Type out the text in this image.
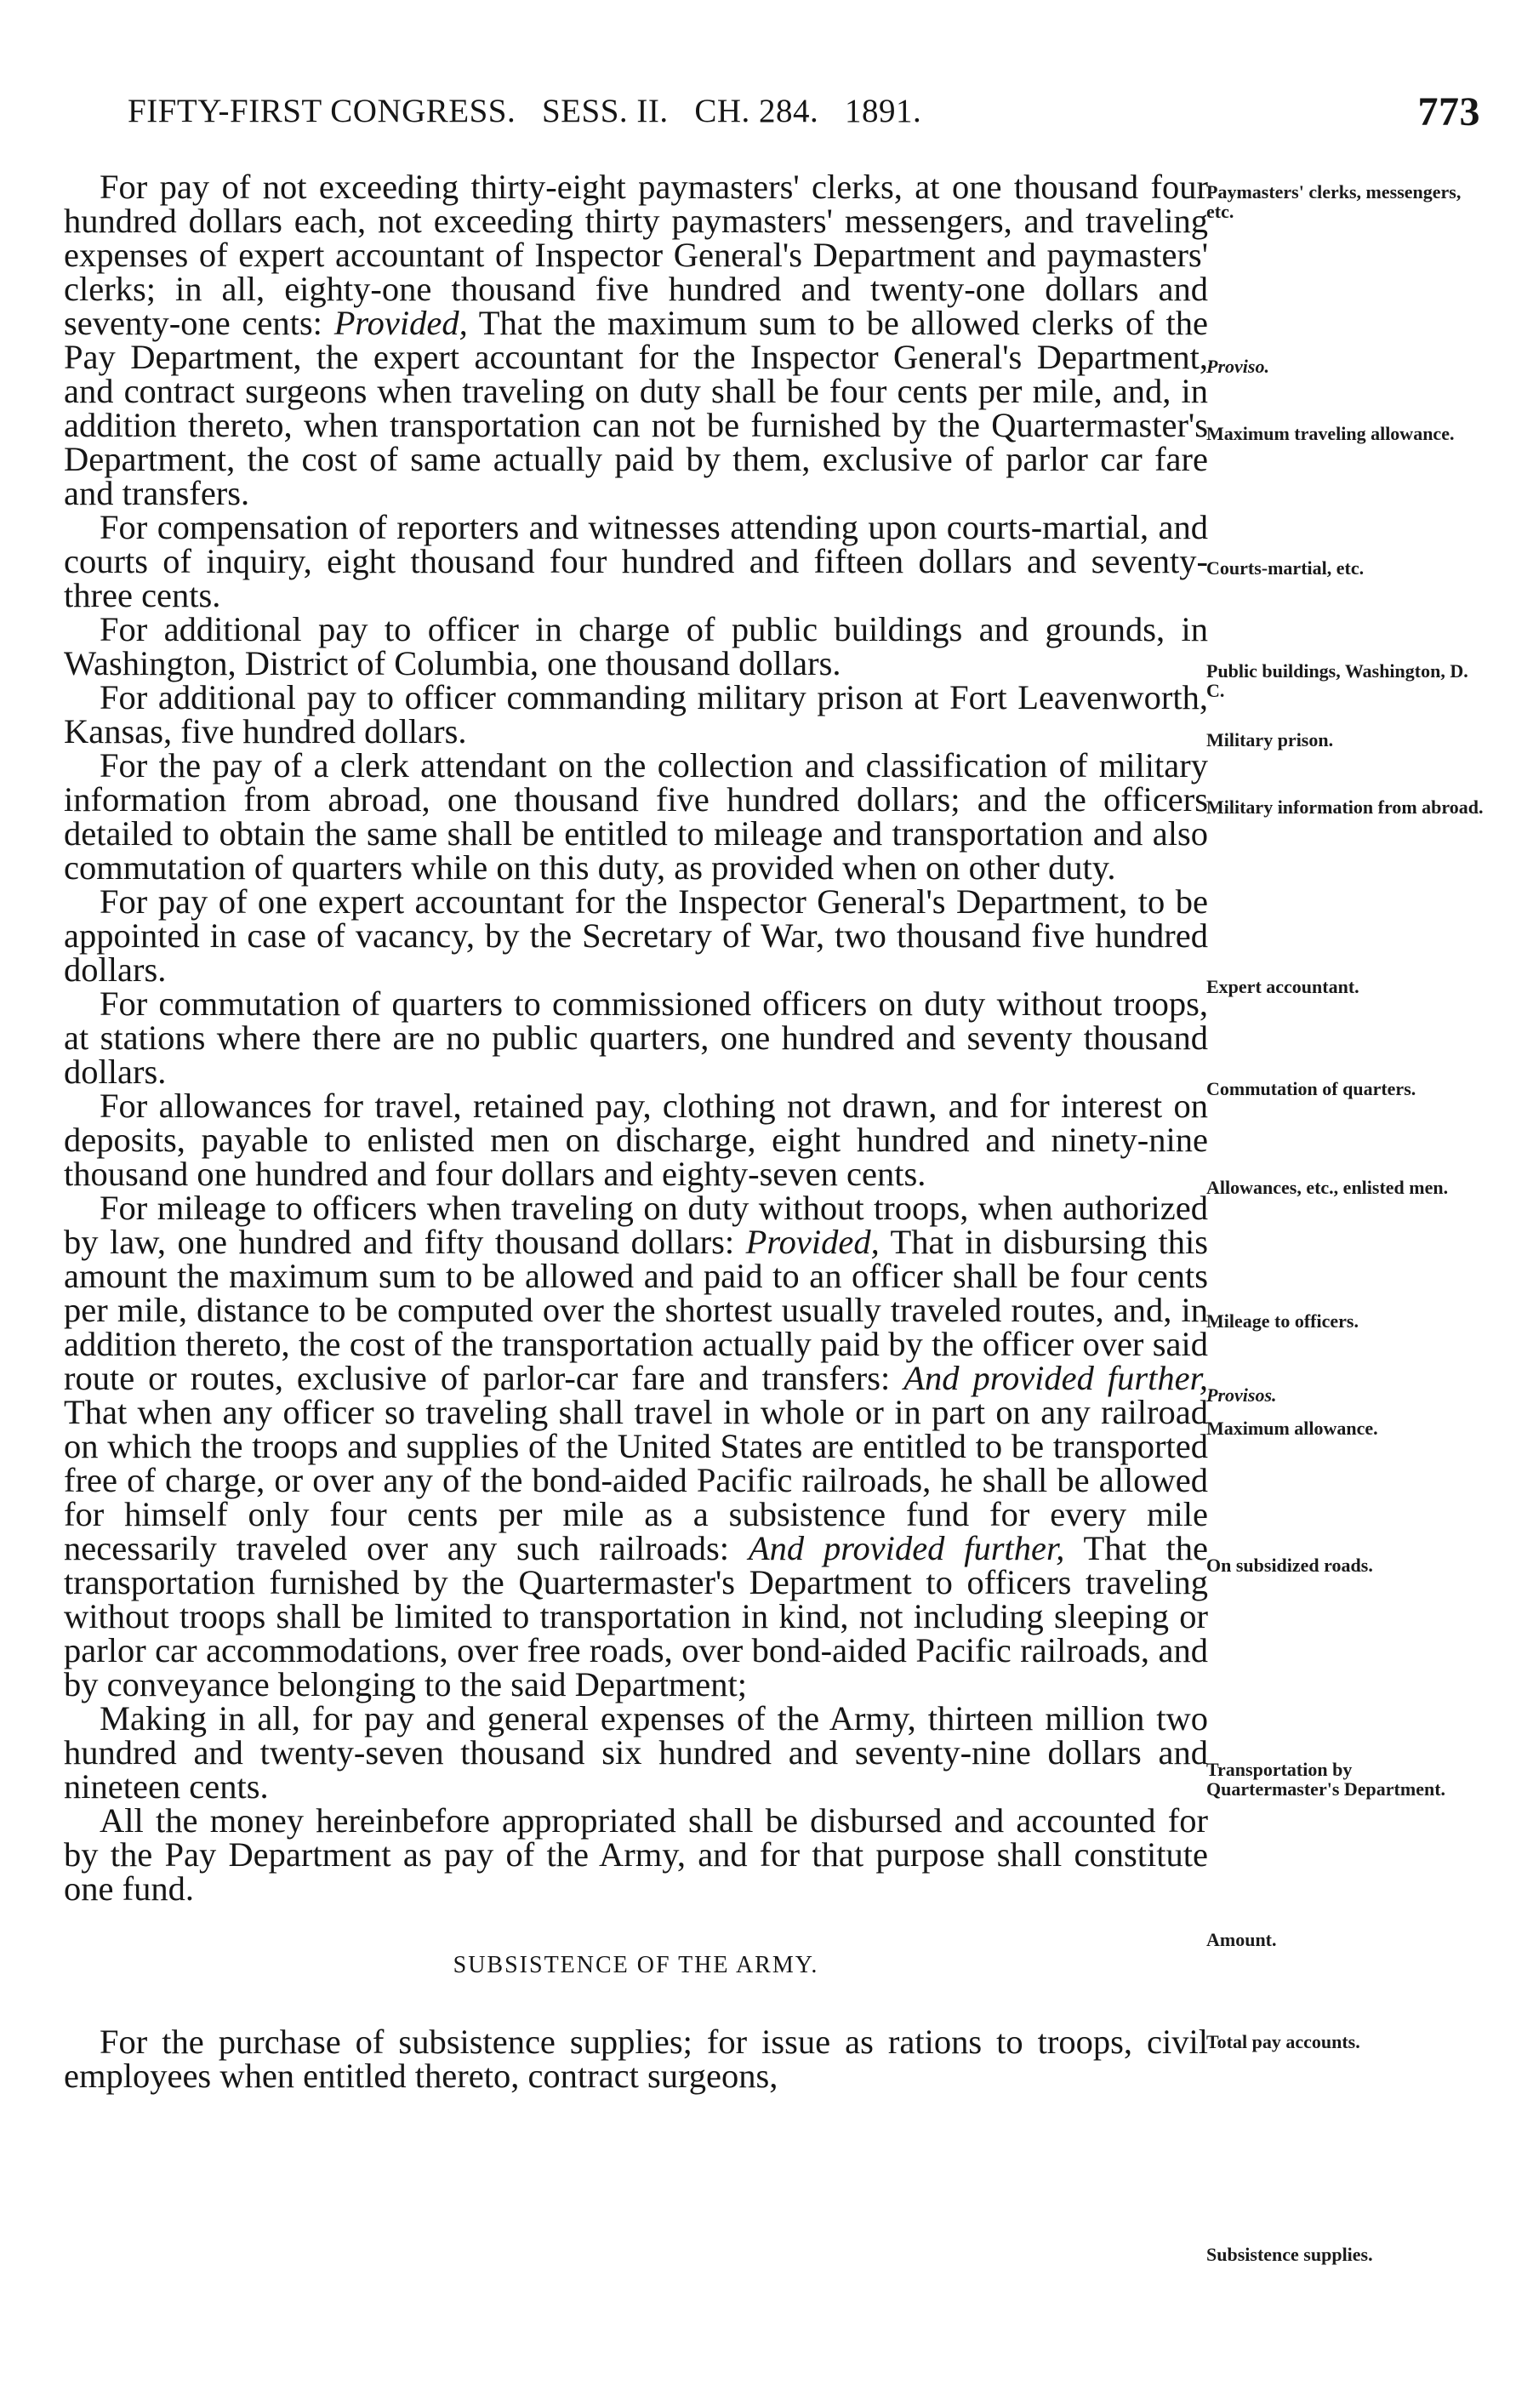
FIFTY-FIRST CONGRESS.   SESS. II.   CH. 284.   1891.	773

For pay of not exceeding thirty-eight paymasters' clerks, at one thousand four hundred dollars each, not exceeding thirty paymasters' messengers, and traveling expenses of expert accountant of Inspector General's Department and paymasters' clerks; in all, eighty-one thousand five hundred and twenty-one dollars and seventy-one cents: Provided, That the maximum sum to be allowed clerks of the Pay Department, the expert accountant for the Inspector General's Department, and contract surgeons when traveling on duty shall be four cents per mile, and, in addition thereto, when transportation can not be furnished by the Quartermaster's Department, the cost of same actually paid by them, exclusive of parlor car fare and transfers.

For compensation of reporters and witnesses attending upon courts-martial, and courts of inquiry, eight thousand four hundred and fifteen dollars and seventy-three cents.

For additional pay to officer in charge of public buildings and grounds, in Washington, District of Columbia, one thousand dollars.

For additional pay to officer commanding military prison at Fort Leavenworth, Kansas, five hundred dollars.

For the pay of a clerk attendant on the collection and classification of military information from abroad, one thousand five hundred dollars; and the officers detailed to obtain the same shall be entitled to mileage and transportation and also commutation of quarters while on this duty, as provided when on other duty.

For pay of one expert accountant for the Inspector General's Department, to be appointed in case of vacancy, by the Secretary of War, two thousand five hundred dollars.

For commutation of quarters to commissioned officers on duty without troops, at stations where there are no public quarters, one hundred and seventy thousand dollars.

For allowances for travel, retained pay, clothing not drawn, and for interest on deposits, payable to enlisted men on discharge, eight hundred and ninety-nine thousand one hundred and four dollars and eighty-seven cents.

For mileage to officers when traveling on duty without troops, when authorized by law, one hundred and fifty thousand dollars: Provided, That in disbursing this amount the maximum sum to be allowed and paid to an officer shall be four cents per mile, distance to be computed over the shortest usually traveled routes, and, in addition thereto, the cost of the transportation actually paid by the officer over said route or routes, exclusive of parlor-car fare and transfers: And provided further, That when any officer so traveling shall travel in whole or in part on any railroad on which the troops and supplies of the United States are entitled to be transported free of charge, or over any of the bond-aided Pacific railroads, he shall be allowed for himself only four cents per mile as a subsistence fund for every mile necessarily traveled over any such railroads: And provided further, That the transportation furnished by the Quartermaster's Department to officers traveling without troops shall be limited to transportation in kind, not including sleeping or parlor car accommodations, over free roads, over bond-aided Pacific railroads, and by conveyance belonging to the said Department;

Making in all, for pay and general expenses of the Army, thirteen million two hundred and twenty-seven thousand six hundred and seventy-nine dollars and nineteen cents.

All the money hereinbefore appropriated shall be disbursed and accounted for by the Pay Department as pay of the Army, and for that purpose shall constitute one fund.

SUBSISTENCE OF THE ARMY.

For the purchase of subsistence supplies; for issue as rations to troops, civil employees when entitled thereto, contract surgeons,

Paymasters' clerks, messengers, etc.
Proviso.
Maximum traveling allowance.
Courts-martial, etc.
Public buildings, Washington, D. C.
Military prison.
Military information from abroad.
Expert accountant.
Commutation of quarters.
Allowances, etc., enlisted men.
Mileage to officers.
Provisos.
Maximum allowance.
On subsidized roads.
Transportation by Quartermaster's Department.
Amount.
Total pay accounts.
Subsistence supplies.
